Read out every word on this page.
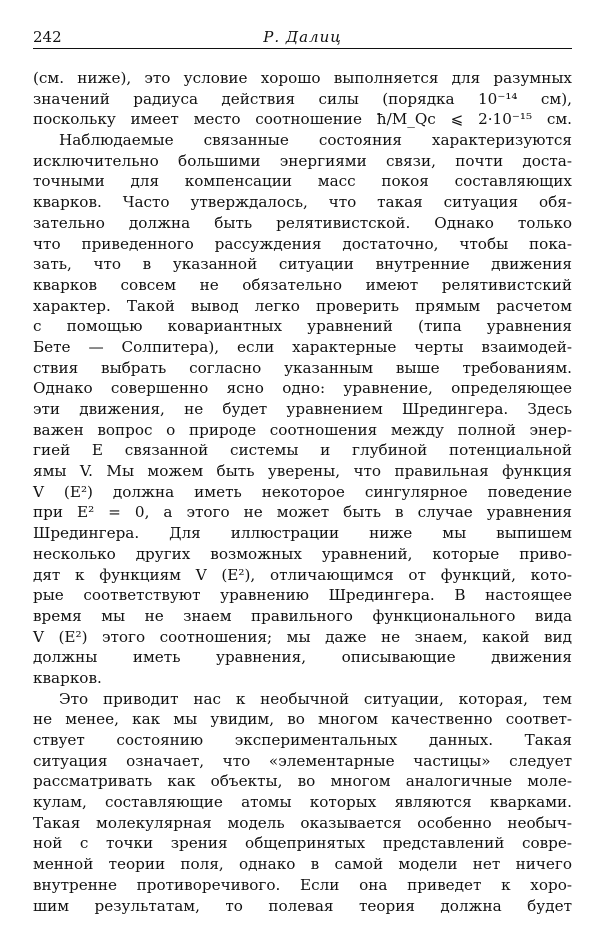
242	Р. Далиц
(см. ниже), это условие хорошо выполняется для разумных
значений радиуса действия силы (порядка 10⁻¹⁴ см),
поскольку имеет место соотношение ħ/M_Qc ⩽ 2·10⁻¹⁵ см.
Наблюдаемые связанные состояния характеризуются
исключительно большими энергиями связи, почти доста-
точными для компенсации масс покоя составляющих
кварков. Часто утверждалось, что такая ситуация обя-
зательно должна быть релятивистской. Однако только
что приведенного рассуждения достаточно, чтобы пока-
зать, что в указанной ситуации внутренние движения
кварков совсем не обязательно имеют релятивистский
характер. Такой вывод легко проверить прямым расчетом
с помощью ковариантных уравнений (типа уравнения
Бете — Солпитера), если характерные черты взаимодей-
ствия выбрать согласно указанным выше требованиям.
Однако совершенно ясно одно: уравнение, определяющее
эти движения, не будет уравнением Шредингера. Здесь
важен вопрос о природе соотношения между полной энер-
гией E связанной системы и глубиной потенциальной
ямы V. Мы можем быть уверены, что правильная функция
V (E²) должна иметь некоторое сингулярное поведение
при E² = 0, а этого не может быть в случае уравнения
Шредингера. Для иллюстрации ниже мы выпишем
несколько других возможных уравнений, которые приво-
дят к функциям V (E²), отличающимся от функций, кото-
рые соответствуют уравнению Шредингера. В настоящее
время мы не знаем правильного функционального вида
V (E²) этого соотношения; мы даже не знаем, какой вид
должны иметь уравнения, описывающие движения
кварков.
Это приводит нас к необычной ситуации, которая, тем
не менее, как мы увидим, во многом качественно соответ-
ствует состоянию экспериментальных данных. Такая
ситуация означает, что «элементарные частицы» следует
рассматривать как объекты, во многом аналогичные моле-
кулам, составляющие атомы которых являются кварками.
Такая молекулярная модель оказывается особенно необыч-
ной с точки зрения общепринятых представлений совре-
менной теории поля, однако в самой модели нет ничего
внутренне противоречивого. Если она приведет к хоро-
шим результатам, то полевая теория должна будет
